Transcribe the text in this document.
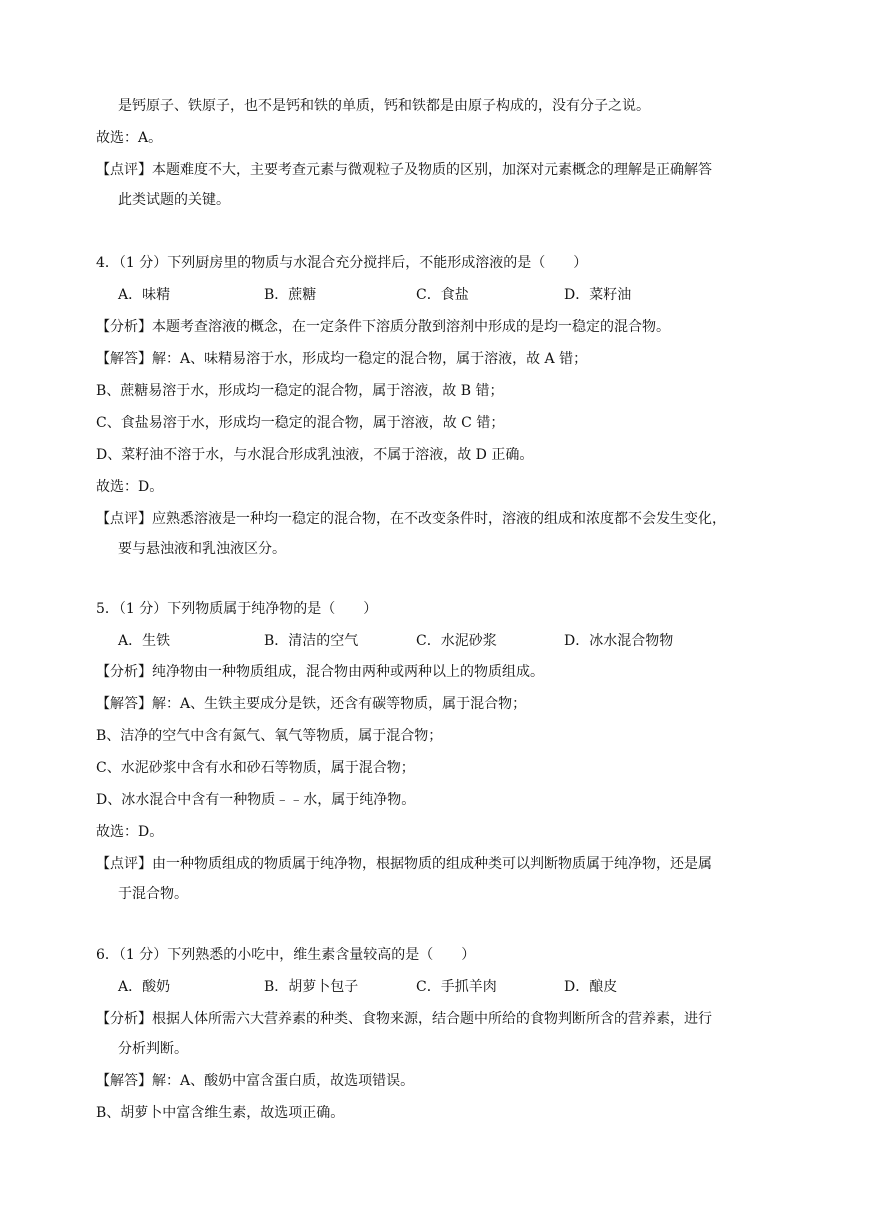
是钙原子、铁原子，也不是钙和铁的单质，钙和铁都是由原子构成的，没有分子之说。
故选：A。
【点评】本题难度不大，主要考查元素与微观粒子及物质的区别，加深对元素概念的理解是正确解答
此类试题的关键。
4．（1 分）下列厨房里的物质与水混合充分搅拌后，不能形成溶液的是（　　）
A．味精	B．蔗糖	C．食盐	D．菜籽油
【分析】本题考查溶液的概念，在一定条件下溶质分散到溶剂中形成的是均一稳定的混合物。
【解答】解：A、味精易溶于水，形成均一稳定的混合物，属于溶液，故 A 错；
B、蔗糖易溶于水，形成均一稳定的混合物，属于溶液，故 B 错；
C、食盐易溶于水，形成均一稳定的混合物，属于溶液，故 C 错；
D、菜籽油不溶于水，与水混合形成乳浊液，不属于溶液，故 D 正确。
故选：D。
【点评】应熟悉溶液是一种均一稳定的混合物，在不改变条件时，溶液的组成和浓度都不会发生变化，
要与悬浊液和乳浊液区分。
5．（1 分）下列物质属于纯净物的是（　　）
A．生铁	B．清洁的空气	C．水泥砂浆	D．冰水混合物物
【分析】纯净物由一种物质组成，混合物由两种或两种以上的物质组成。
【解答】解：A、生铁主要成分是铁，还含有碳等物质，属于混合物；
B、洁净的空气中含有氮气、氧气等物质，属于混合物；
C、水泥砂浆中含有水和砂石等物质，属于混合物；
D、冰水混合中含有一种物质﹣﹣水，属于纯净物。
故选：D。
【点评】由一种物质组成的物质属于纯净物，根据物质的组成种类可以判断物质属于纯净物，还是属
于混合物。
6．（1 分）下列熟悉的小吃中，维生素含量较高的是（　　）
A．酸奶	B．胡萝卜包子	C．手抓羊肉	D．酿皮
【分析】根据人体所需六大营养素的种类、食物来源，结合题中所给的食物判断所含的营养素，进行
分析判断。
【解答】解：A、酸奶中富含蛋白质，故选项错误。
B、胡萝卜中富含维生素，故选项正确。
